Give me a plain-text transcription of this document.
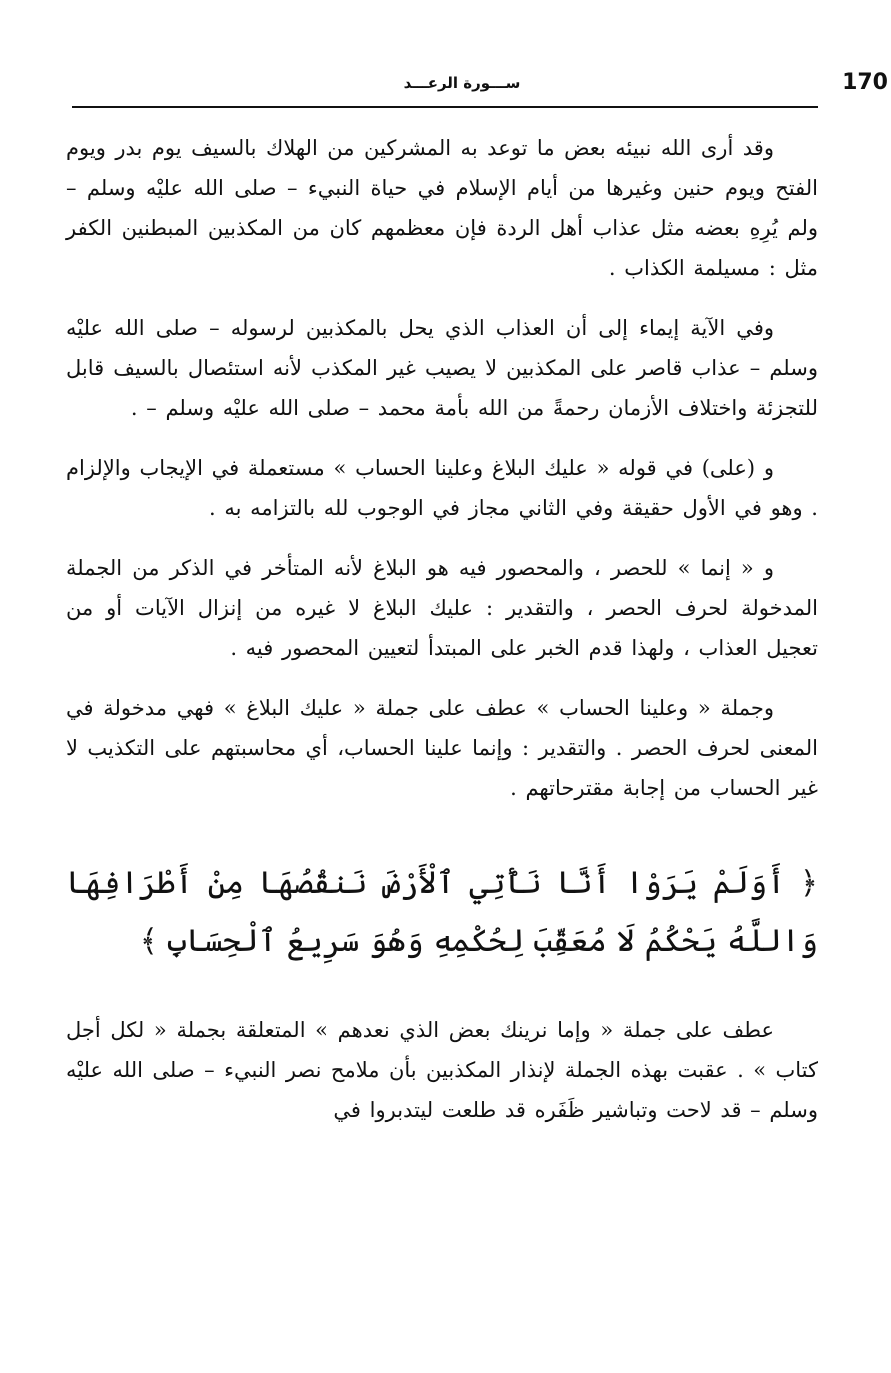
170
ســـورة الرعـــد

وقد أرى الله نبيئه بعض ما توعد به المشركين من الهلاك بالسيف يوم بدر ويوم الفتح ويوم حنين وغيرها من أيام الإسلام في حياة النبيء – صلى الله عليْه وسلم – ولم يُرِهِ بعضه مثل عذاب أهل الردة فإن معظمهم كان من المكذبين المبطنين الكفر مثل : مسيلمة الكذاب .

وفي الآية إيماء إلى أن العذاب الذي يحل بالمكذبين لرسوله – صلى الله عليْه وسلم – عذاب قاصر على المكذبين لا يصيب غير المكذب لأنه استئصال بالسيف قابل للتجزئة واختلاف الأزمان رحمةً من الله بأمة محمد – صلى الله عليْه وسلم – .

و (على) في قوله « عليك البلاغ وعلينا الحساب » مستعملة في الإيجاب والإلزام . وهو في الأول حقيقة وفي الثاني مجاز في الوجوب لله بالتزامه به .

و « إنما » للحصر ، والمحصور فيه هو البلاغ لأنه المتأخر في الذكر من الجملة المدخولة لحرف الحصر ، والتقدير : عليك البلاغ لا غيره من إنزال الآيات أو من تعجيل العذاب ، ولهذا قدم الخبر على المبتدأ لتعيين المحصور فيه .

وجملة « وعلينا الحساب » عطف على جملة « عليك البلاغ » فهي مدخولة في المعنى لحرف الحصر . والتقدير : وإنما علينا الحساب، أي محاسبتهم على التكذيب لا غير الحساب من إجابة مقترحاتهم .

﴿ أَوَلَمْ يَرَوْا أَنَّا نَأْتِي ٱلْأَرْضَ نَنقُصُهَا مِنْ أَطْرَافِهَا وَاللَّهُ يَحْكُمُ لَا مُعَقِّبَ لِحُكْمِهِ وَهُوَ سَرِيعُ ٱلْحِسَابِ ﴾

عطف على جملة « وإما نرينك بعض الذي نعدهم » المتعلقة بجملة « لكل أجل كتاب » . عقبت بهذه الجملة لإنذار المكذبين بأن ملامح نصر النبيء – صلى الله عليْه وسلم – قد لاحت وتباشير ظَفَره قد طلعت ليتدبروا في
